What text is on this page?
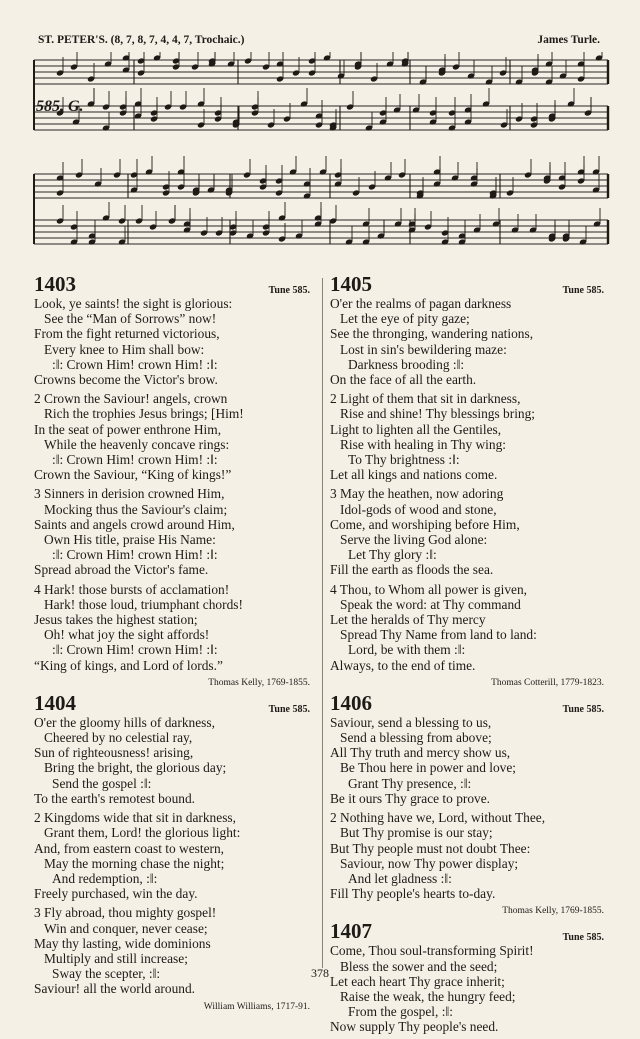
ST. PETER'S. (8, 7, 8, 7, 4, 4, 7, Trochaic.)	James Turle.
585, G.
1403	Tune 585.
Look, ye saints! the sight is glorious:
See the “Man of Sorrows” now!
From the fight returned victorious,
Every knee to Him shall bow:
:‖: Crown Him! crown Him! :‖:
Crowns become the Victor's brow.
2 Crown the Saviour! angels, crown
Rich the trophies Jesus brings; [Him!
In the seat of power enthrone Him,
While the heavenly concave rings:
:‖: Crown Him! crown Him! :‖:
Crown the Saviour, “King of kings!”
3 Sinners in derision crowned Him,
Mocking thus the Saviour's claim;
Saints and angels crowd around Him,
Own His title, praise His Name:
:‖: Crown Him! crown Him! :‖:
Spread abroad the Victor's fame.
4 Hark! those bursts of acclamation!
Hark! those loud, triumphant chords!
Jesus takes the highest station;
Oh! what joy the sight affords!
:‖: Crown Him! crown Him! :‖:
“King of kings, and Lord of lords.”
Thomas Kelly, 1769-1855.
1404	Tune 585.
O'er the gloomy hills of darkness,
Cheered by no celestial ray,
Sun of righteousness! arising,
Bring the bright, the glorious day;
Send the gospel :‖:
To the earth's remotest bound.
2 Kingdoms wide that sit in darkness,
Grant them, Lord! the glorious light:
And, from eastern coast to western,
May the morning chase the night;
And redemption, :‖:
Freely purchased, win the day.
3 Fly abroad, thou mighty gospel!
Win and conquer, never cease;
May thy lasting, wide dominions
Multiply and still increase;
Sway the scepter, :‖:
Saviour! all the world around.
William Williams, 1717-91.
1405	Tune 585.
O'er the realms of pagan darkness
Let the eye of pity gaze;
See the thronging, wandering nations,
Lost in sin's bewildering maze:
Darkness brooding :‖:
On the face of all the earth.
2 Light of them that sit in darkness,
Rise and shine! Thy blessings bring;
Light to lighten all the Gentiles,
Rise with healing in Thy wing:
To Thy brightness :‖:
Let all kings and nations come.
3 May the heathen, now adoring
Idol-gods of wood and stone,
Come, and worshiping before Him,
Serve the living God alone:
Let Thy glory :‖:
Fill the earth as floods the sea.
4 Thou, to Whom all power is given,
Speak the word: at Thy command
Let the heralds of Thy mercy
Spread Thy Name from land to land:
Lord, be with them :‖:
Always, to the end of time.
Thomas Cotterill, 1779-1823.
1406	Tune 585.
Saviour, send a blessing to us,
Send a blessing from above;
All Thy truth and mercy show us,
Be Thou here in power and love;
Grant Thy presence, :‖:
Be it ours Thy grace to prove.
2 Nothing have we, Lord, without Thee,
But Thy promise is our stay;
But Thy people must not doubt Thee:
Saviour, now Thy power display;
And let gladness :‖:
Fill Thy people's hearts to-day.
Thomas Kelly, 1769-1855.
1407	Tune 585.
Come, Thou soul-transforming Spirit!
Bless the sower and the seed;
Let each heart Thy grace inherit;
Raise the weak, the hungry feed;
From the gospel, :‖:
Now supply Thy people's need.
378
